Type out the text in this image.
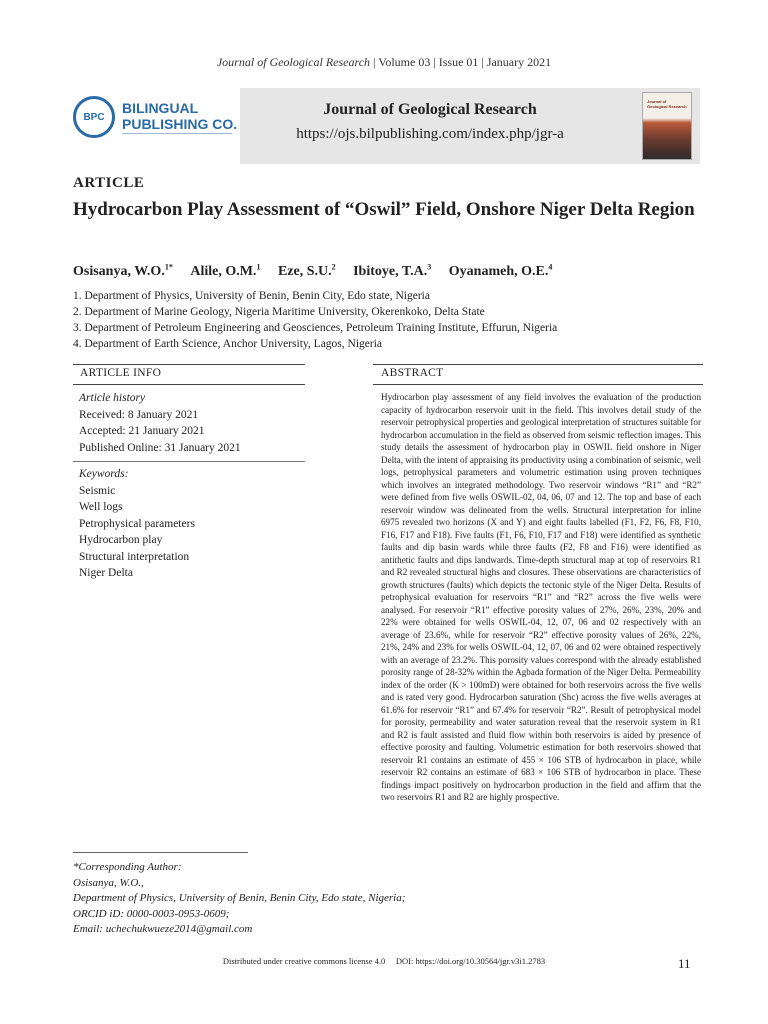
Journal of Geological Research | Volume 03 | Issue 01 | January 2021
BPC
BILINGUAL
PUBLISHING CO.
Journal of Geological Research
https://ojs.bilpublishing.com/index.php/jgr-a
Journal of Geological Research
ARTICLE
Hydrocarbon Play Assessment of “Oswil” Field, Onshore Niger Delta Region
Osisanya, W.O.$^{1*}$ Alile, O.M.$^1$ Eze, S.U.$^2$ Ibitoye, T.A.$^3$ Oyanameh, O.E.$^4$
1. Department of Physics, University of Benin, Benin City, Edo state, Nigeria
2. Department of Marine Geology, Nigeria Maritime University, Okerenkoko, Delta State
3. Department of Petroleum Engineering and Geosciences, Petroleum Training Institute, Effurun, Nigeria
4. Department of Earth Science, Anchor University, Lagos, Nigeria
ARTICLE INFO
Article history
Received: 8 January 2021
Accepted: 21 January 2021
Published Online: 31 January 2021
Keywords:
Seismic
Well logs
Petrophysical parameters
Hydrocarbon play
Structural interpretation
Niger Delta
ABSTRACT
Hydrocarbon play assessment of any field involves the evaluation of the production capacity of hydrocarbon reservoir unit in the field. This involves detail study of the reservoir petrophysical properties and geological interpretation of structures suitable for hydrocarbon accumulation in the field as observed from seismic reflection images. This study details the assessment of hydrocarbon play in OSWIL field onshore in Niger Delta, with the intent of appraising its productivity using a combination of seismic, well logs, petrophysical parameters and volumetric estimation using proven techniques which involves an integrated methodology. Two reservoir windows “R1” and “R2” were defined from five wells OSWIL-02, 04, 06, 07 and 12. The top and base of each reservoir window was delineated from the wells. Structural interpretation for inline 6975 revealed two horizons (X and Y) and eight faults labelled (F1, F2, F6, F8, F10, F16, F17 and F18). Five faults (F1, F6, F10, F17 and F18) were identified as synthetic faults and dip basin wards while three faults (F2, F8 and F16) were identified as antithetic faults and dips landwards. Time-depth structural map at top of reservoirs R1 and R2 revealed structural highs and closures. These observations are characteristics of growth structures (faults) which depicts the tectonic style of the Niger Delta. Results of petrophysical evaluation for reservoirs “R1” and “R2” across the five wells were analysed. For reservoir “R1” effective porosity values of 27%, 26%, 23%, 20% and 22% were obtained for wells OSWIL-04, 12, 07, 06 and 02 respectively with an average of 23.6%, while for reservoir “R2” effective porosity values of 26%, 22%, 21%, 24% and 23% for wells OSWIL-04, 12, 07, 06 and 02 were obtained respectively with an average of 23.2%. This porosity values correspond with the already established porosity range of 28-32% within the Agbada formation of the Niger Delta. Permeability index of the order (K > 100mD) were obtained for both reservoirs across the five wells and is rated very good. Hydrocarbon saturation (Shc) across the five wells averages at 61.6% for reservoir “R1” and 67.4% for reservoir “R2”. Result of petrophysical model for porosity, permeability and water saturation reveal that the reservoir system in R1 and R2 is fault assisted and fluid flow within both reservoirs is aided by presence of effective porosity and faulting. Volumetric estimation for both reservoirs showed that reservoir R1 contains an estimate of 455 × 106 STB of hydrocarbon in place, while reservoir R2 contains an estimate of 683 × 106 STB of hydrocarbon in place. These findings impact positively on hydrocarbon production in the field and affirm that the two reservoirs R1 and R2 are highly prospective.
*Corresponding Author:
Osisanya, W.O.,
Department of Physics, University of Benin, Benin City, Edo state, Nigeria;
ORCID iD: 0000-0003-0953-0609;
Email: uchechukwueze2014@gmail.com
Distributed under creative commons license 4.0 DOI: https://doi.org/10.30564/jgr.v3i1.2783	11
